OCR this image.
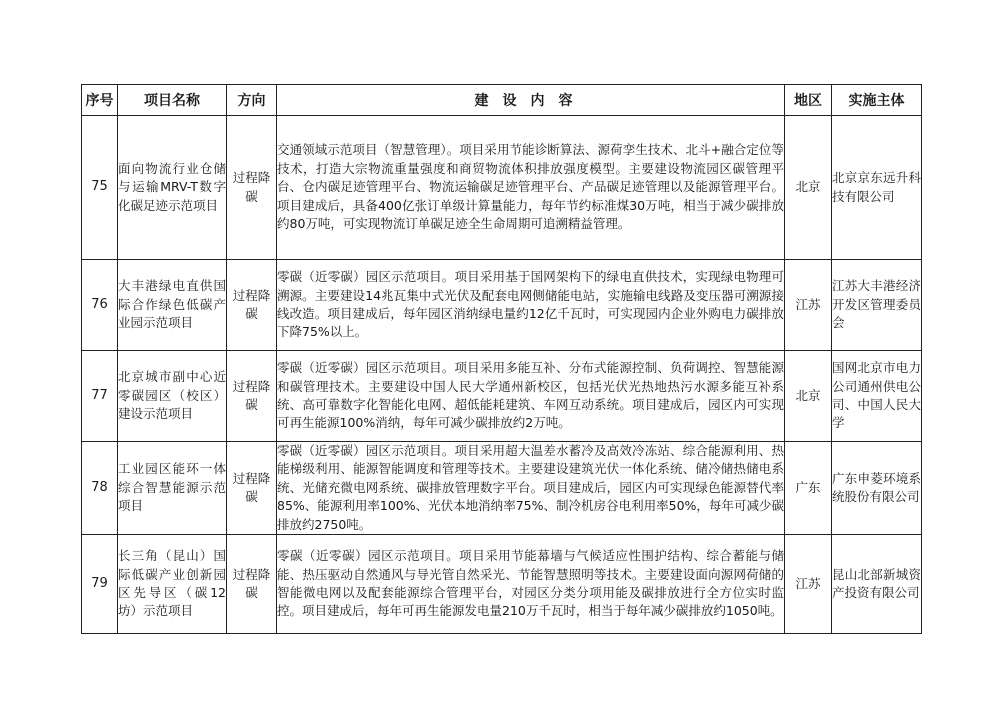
序号	项目名称	方向	建设内容	地区	实施主体
75	面向物流行业仓储与运输MRV-T数字化碳足迹示范项目	过程降碳	交通领域示范项目（智慧管理）。项目采用节能诊断算法、源荷孪生技术、北斗+融合定位等技术，打造大宗物流重量强度和商贸物流体积排放强度模型。主要建设物流园区碳管理平台、仓内碳足迹管理平台、物流运输碳足迹管理平台、产品碳足迹管理以及能源管理平台。项目建成后，具备400亿张订单级计算量能力，每年节约标准煤30万吨，相当于减少碳排放约80万吨，可实现物流订单碳足迹全生命周期可追溯精益管理。	北京	北京京东远升科技有限公司
76	大丰港绿电直供国际合作绿色低碳产业园示范项目	过程降碳	零碳（近零碳）园区示范项目。项目采用基于国网架构下的绿电直供技术，实现绿电物理可溯源。主要建设14兆瓦集中式光伏及配套电网侧储能电站，实施输电线路及变压器可溯源接线改造。项目建成后，每年园区消纳绿电量约12亿千瓦时，可实现园内企业外购电力碳排放下降75%以上。	江苏	江苏大丰港经济开发区管理委员会
77	北京城市副中心近零碳园区（校区）建设示范项目	过程降碳	零碳（近零碳）园区示范项目。项目采用多能互补、分布式能源控制、负荷调控、智慧能源和碳管理技术。主要建设中国人民大学通州新校区，包括光伏光热地热污水源多能互补系统、高可靠数字化智能化电网、超低能耗建筑、车网互动系统。项目建成后，园区内可实现可再生能源100%消纳，每年可减少碳排放约2万吨。	北京	国网北京市电力公司通州供电公司、中国人民大学
78	工业园区能环一体综合智慧能源示范项目	过程降碳	零碳（近零碳）园区示范项目。项目采用超大温差水蓄冷及高效冷冻站、综合能源利用、热能梯级利用、能源智能调度和管理等技术。主要建设建筑光伏一体化系统、储冷储热储电系统、光储充微电网系统、碳排放管理数字平台。项目建成后，园区内可实现绿色能源替代率85%、能源利用率100%、光伏本地消纳率75%、制冷机房谷电利用率50%，每年可减少碳排放约2750吨。	广东	广东申菱环境系统股份有限公司
79	长三角（昆山）国际低碳产业创新园区先导区（碳12坊）示范项目	过程降碳	零碳（近零碳）园区示范项目。项目采用节能幕墙与气候适应性围护结构、综合蓄能与储能、热压驱动自然通风与导光管自然采光、节能智慧照明等技术。主要建设面向源网荷储的智能微电网以及配套能源综合管理平台，对园区分类分项用能及碳排放进行全方位实时监控。项目建成后，每年可再生能源发电量210万千瓦时，相当于每年减少碳排放约1050吨。	江苏	昆山北部新城资产投资有限公司
